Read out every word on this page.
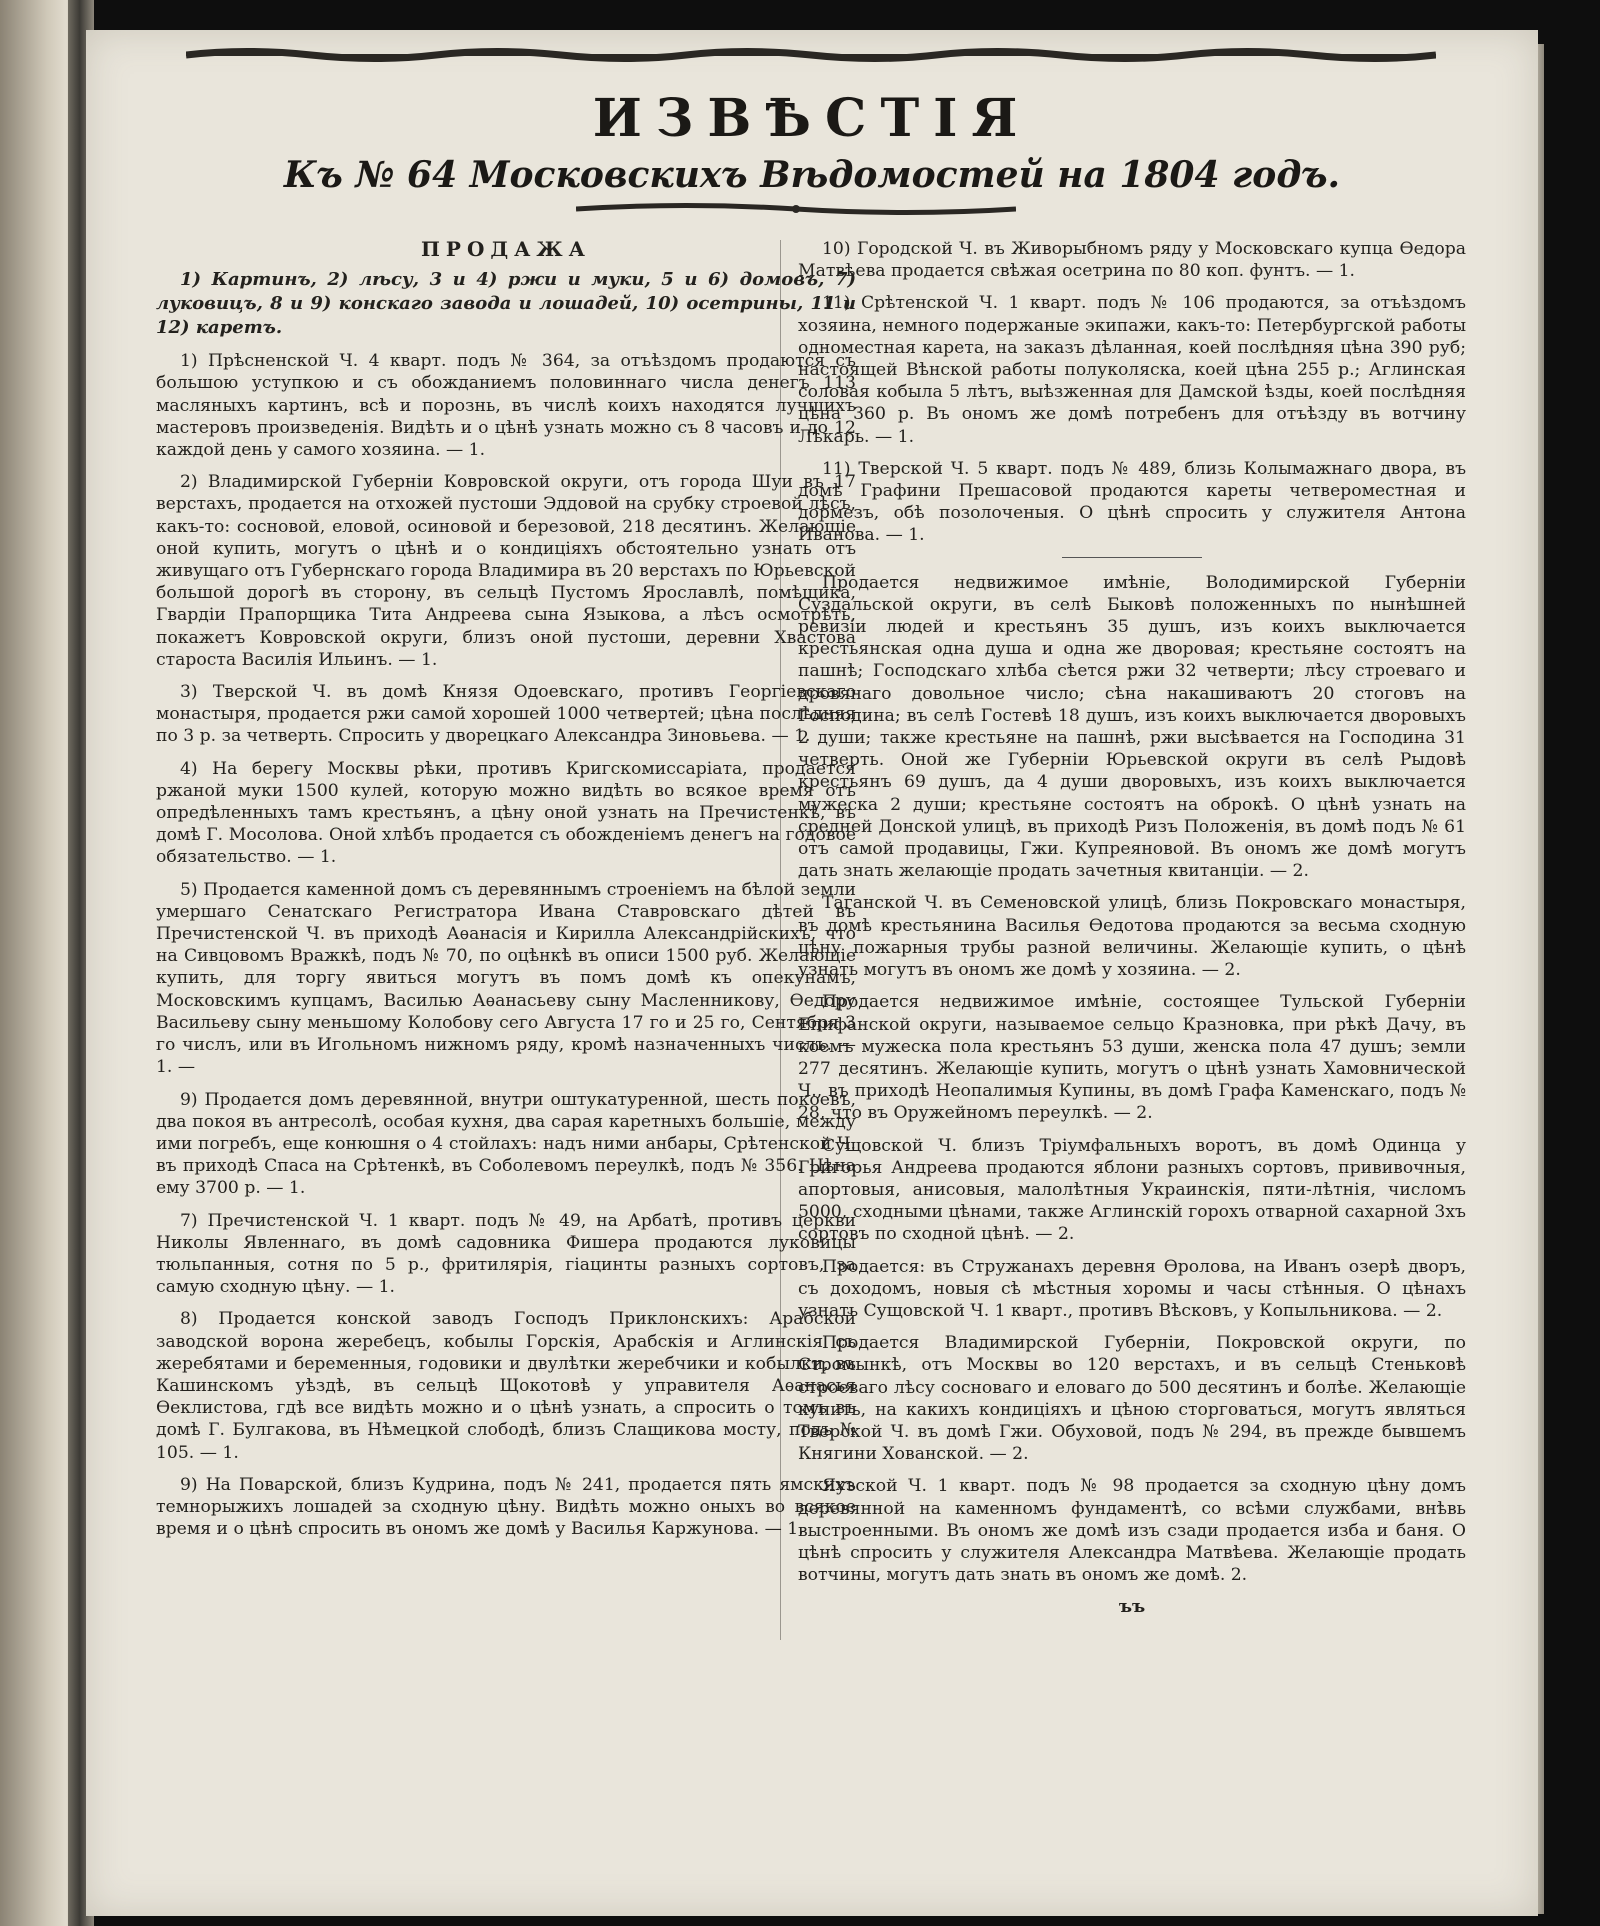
ИЗВѢСТІЯ
Къ № 64 Московскихъ Вѣдомостей на 1804 годъ.
ПРОДАЖА

1) Картинъ, 2) лѣсу, 3 и 4) ржи и муки, 5 и 6) домовъ, 7) луковицъ, 8 и 9) конскаго завода и лошадей, 10) осетрины, 11 и 12) каретъ.

1) Прѣсненской Ч. 4 кварт. подъ № 364, за отъѣздомъ продаются съ большою уступкою и съ обожданиемъ половиннаго числа денегъ 113 масляныхъ картинъ, всѣ и порознь, въ числѣ коихъ находятся лучшихъ мастеровъ произведенія. Видѣть и о цѣнѣ узнать можно съ 8 часовъ и до 12 каждой день у самого хозяина. — 1.

2) Владимирской Губерніи Ковровской округи, отъ города Шуи въ 17 верстахъ, продается на отхожей пустоши Эддовой на срубку строевой лѣсъ, какъ-то: сосновой, еловой, осиновой и березовой, 218 десятинъ. Желающіе оной купить, могутъ о цѣнѣ и о кондиціяхъ обстоятельно узнать отъ живущаго отъ Губернскаго города Владимира въ 20 верстахъ по Юрьевской большой дорогѣ въ сторону, въ сельцѣ Пустомъ Ярославлѣ, помѣщика, Гвардіи Прапорщика Тита Андреева сына Языкова, а лѣсъ осмотрѣть, покажетъ Ковровской округи, близъ оной пустоши, деревни Хвастова староста Василія Ильинъ. — 1.

3) Тверской Ч. въ домѣ Князя Одоевскаго, противъ Георгіевскаго монастыря, продается ржи самой хорошей 1000 четвертей; цѣна послѣдняя по 3 р. за четверть. Спросить у дворецкаго Александра Зиновьева. — 1.

4) На берегу Москвы рѣки, противъ Кригскомиссаріата, продается ржаной муки 1500 кулей, которую можно видѣть во всякое время отъ опредѣленныхъ тамъ крестьянъ, а цѣну оной узнать на Пречистенкѣ, въ домѣ Г. Мосолова. Оной хлѣбъ продается съ обожденіемъ денегъ на годовое обязательство. — 1.

5) Продается каменной домъ съ деревяннымъ строеніемъ на бѣлой земли умершаго Сенатскаго Регистратора Ивана Ставровскаго дѣтей въ Пречистенской Ч. въ приходѣ Аѳанасія и Кирилла Александрійскихъ, что на Сивцовомъ Вражкѣ, подъ № 70, по оцѣнкѣ въ опиcи 1500 руб. Желающіе купить, для торгу явиться могутъ въ помъ домѣ къ опекунамъ, Московскимъ купцамъ, Василью Аѳанасьеву сыну Масленникову, Ѳедору Васильеву сыну меньшому Колобову сего Августа 17 го и 25 го, Сентября 3 го числъ, или въ Игольномъ нижномъ ряду, кромѣ назначенныхъ числъ. — 1. —

9) Продается домъ деревянной, внутри оштукатуренной, шесть покоевъ, два покоя въ антресолѣ, особая кухня, два сарая каретныхъ большіе, между ими погребъ, еще конюшня о 4 стойлахъ: надъ ними анбары, Срѣтенской Ч. въ приходѣ Спаса на Срѣтенкѣ, въ Соболевомъ переулкѣ, подъ № 356. Цѣна ему 3700 р. — 1.

7) Пречистенской Ч. 1 кварт. подъ № 49, на Арбатѣ, противъ церкви Николы Явленнаго, въ домѣ садовника Фишера продаются луковицы тюльпанныя, сотня по 5 р., фритилярія, гіацинты разныхъ сортовъ, за самую сходную цѣну. — 1.

8) Продается конской заводъ Господъ Приклонскихъ: Арабской заводской ворона жеребецъ, кобылы Горскія, Арабскія и Аглинскія съ жеребятами и беременныя, годовики и двулѣтки жеребчики и кобылки, въ Кашинскомъ уѣздѣ, въ сельцѣ Щокотовѣ у управителя Аѳанасья Ѳеклистова, гдѣ все видѣть можно и о цѣнѣ узнать, а спросить о томъ въ домѣ Г. Булгакова, въ Нѣмецкой слободѣ, близъ Слащикова мосту, подъ № 105. — 1.

9) На Поварской, близъ Кудрина, подъ № 241, продается пять ямскихъ темнорыжихъ лошадей за сходную цѣну. Видѣть можно оныхъ во всякое время и о цѣнѣ спросить въ ономъ же домѣ у Василья Каржунова. — 1.

10) Городской Ч. въ Живорыбномъ ряду у Московскаго купца Ѳедора Матвѣева продается свѣжая осетрина по 80 коп. фунтъ. — 1.

11) Срѣтенской Ч. 1 кварт. подъ № 106 продаются, за отъѣздомъ хозяина, немного подержаные экипажи, какъ-то: Петербургской работы одноместная карета, на заказъ дѣланная, коей послѣдняя цѣна 390 руб; настоящей Вѣнской работы полуколяска, коей цѣна 255 р.; Аглинская соловая кобыла 5 лѣтъ, выѣзженная для Дамской ѣзды, коей послѣдняя цѣна 360 р. Въ ономъ же домѣ потребенъ для отъѣзду въ вотчину Лѣкарь. — 1.

11) Тверской Ч. 5 кварт. подъ № 489, близь Колымажнаго двора, въ домѣ Графини Прешасовой продаются кареты четвероместная и дормезъ, обѣ позолоченыя. О цѣнѣ спросить у служителя Антона Иванова. — 1.

Продается недвижимое имѣніе, Володимирской Губерніи Суздальской округи, въ селѣ Быковѣ положенныхъ по нынѣшней ревизіи людей и крестьянъ 35 душъ, изъ коихъ выключается крестьянская одна душа и одна же дворовая; крестьяне состоятъ на пашнѣ; Господскаго хлѣба сѣется ржи 32 четверти; лѣсу строеваго и дровянаго довольное число; сѣна накашиваютъ 20 стоговъ на Господина; въ селѣ Гостевѣ 18 душъ, изъ коихъ выключается дворовыхъ 2 души; также крестьяне на пашнѣ, ржи высѣвается на Господина 31 четверть. Оной же Губерніи Юрьевской округи въ селѣ Рыдовѣ крестьянъ 69 душъ, да 4 души дворовыхъ, изъ коихъ выключается мужеска 2 души; крестьяне состоятъ на оброкѣ. О цѣнѣ узнать на средней Донской улицѣ, въ приходѣ Ризъ Положенія, въ домѣ подъ № 61 отъ самой продавицы, Гжи. Купреяновой. Въ ономъ же домѣ могутъ дать знать желающіе продать зачетныя квитанціи. — 2.

Таганской Ч. въ Семеновской улицѣ, близь Покровскаго монастыря, въ домѣ крестьянина Василья Ѳедотова продаются за весьма сходную цѣну пожарныя трубы разной величины. Желающіе купить, о цѣнѣ узнать могутъ въ ономъ же домѣ у хозяина. — 2.

Продается недвижимое имѣніе, состоящее Тульской Губерніи Епифанской округи, называемое сельцо Кразновка, при рѣкѣ Дачу, въ коемъ мужеска пола крестьянъ 53 души, женска пола 47 душъ; земли 277 десятинъ. Желающіе купить, могутъ о цѣнѣ узнать Хамовнической Ч., въ приходѣ Неопалимыя Купины, въ домѣ Графа Каменскаго, подъ № 28, что въ Оружейномъ переулкѣ. — 2.

Сущовской Ч. близъ Тріумфальныхъ воротъ, въ домѣ Одинца у Григорья Андреева продаются яблони разныхъ сортовъ, прививочныя, апортовыя, анисовыя, малолѣтныя Украинскія, пяти-лѣтнія, числомъ 5000, сходными цѣнами, также Аглинскій горохъ отварной сахарной 3хъ сортовъ по сходной цѣнѣ. — 2.

Продается: въ Стружанахъ деревня Ѳролова, на Иванъ озерѣ дворъ, съ доходомъ, новыя сѣ мѣстныя хоромы и часы стѣнныя. О цѣнахъ узнать Сущовской Ч. 1 кварт., противъ Вѣсковъ, у Копыльникова. — 2.

Продается Владимирской Губерніи, Покровской округи, по Стромынкѣ, отъ Москвы во 120 верстахъ, и въ сельцѣ Стеньковѣ строеваго лѣсу сосноваго и еловаго до 500 десятинъ и болѣе. Желающіе купить, на какихъ кондиціяхъ и цѣною сторговаться, могутъ являться Тверской Ч. въ домѣ Гжи. Обуховой, подъ № 294, въ прежде бывшемъ Княгини Хованской. — 2.

Яузской Ч. 1 кварт. подъ № 98 продается за сходную цѣну домъ деревянной на каменномъ фундаментѣ, со всѣми службами, внѣвь выстроенными. Въ ономъ же домѣ изъ сзади продается изба и баня. О цѣнѣ спросить у служителя Александра Матвѣева. Желающіе продать вотчины, могутъ дать знать въ ономъ же домѣ. 2.

ъъ
